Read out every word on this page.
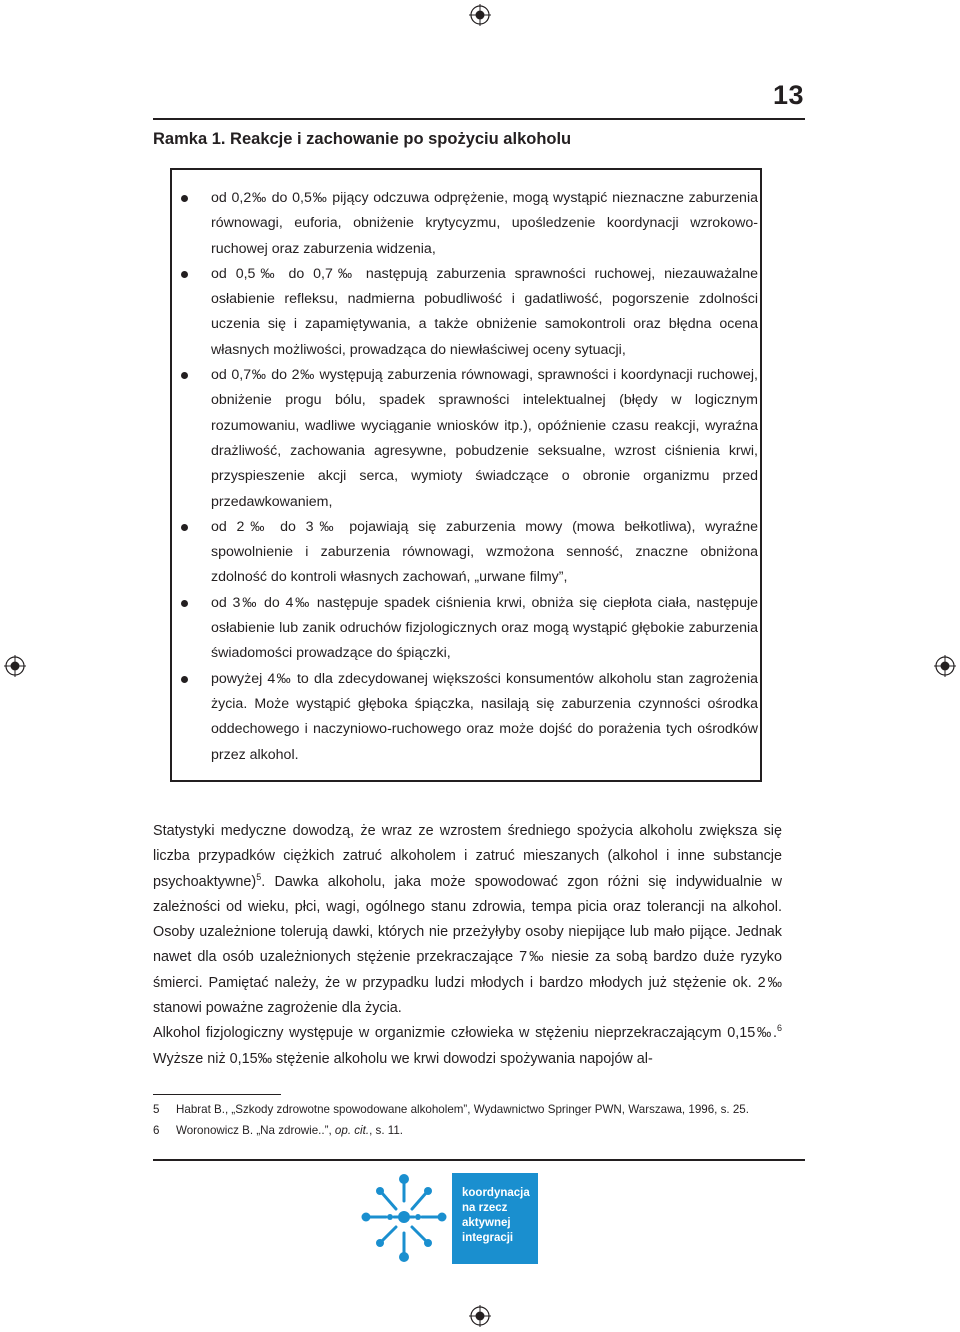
13
Ramka 1. Reakcje i zachowanie po spożyciu alkoholu
od 0,2‰ do 0,5‰ pijący odczuwa odprężenie, mogą wystąpić nieznaczne zaburzenia równowagi, euforia, obniżenie krytycyzmu, upośledzenie koordynacji wzrokowo-ruchowej oraz zaburzenia widzenia,
od 0,5‰ do 0,7‰ następują zaburzenia sprawności ruchowej, niezauważalne osłabienie refleksu, nadmierna pobudliwość i gadatliwość, pogorszenie zdolności uczenia się i zapamiętywania, a także obniżenie samokontroli oraz błędna ocena własnych możliwości, prowadząca do niewłaściwej oceny sytuacji,
od 0,7‰ do 2‰ występują zaburzenia równowagi, sprawności i koordynacji ruchowej, obniżenie progu bólu, spadek sprawności intelektualnej (błędy w logicznym rozumowaniu, wadliwe wyciąganie wniosków itp.), opóźnienie czasu reakcji, wyraźna drażliwość, zachowania agresywne, pobudzenie seksualne, wzrost ciśnienia krwi, przyspieszenie akcji serca, wymioty świadczące o obronie organizmu przed przedawkowaniem,
od 2‰ do 3‰ pojawiają się zaburzenia mowy (mowa bełkotliwa), wyraźne spowolnienie i zaburzenia równowagi, wzmożona senność, znaczne obniżona zdolność do kontroli własnych zachowań, „urwane filmy”,
od 3‰ do 4‰ następuje spadek ciśnienia krwi, obniża się ciepłota ciała, następuje osłabienie lub zanik odruchów fizjologicznych oraz mogą wystąpić głębokie zaburzenia świadomości prowadzące do śpiączki,
powyżej 4‰ to dla zdecydowanej większości konsumentów alkoholu stan zagrożenia życia. Może wystąpić głęboka śpiączka, nasilają się zaburzenia czynności ośrodka oddechowego i naczyniowo-ruchowego oraz może dojść do porażenia tych ośrodków przez alkohol.

Statystyki medyczne dowodzą, że wraz ze wzrostem średniego spożycia alkoholu zwiększa się liczba przypadków ciężkich zatruć alkoholem i zatruć mieszanych (alkohol i inne substancje psychoaktywne)$^5$. Dawka alkoholu, jaka może spowodować zgon różni się indywidualnie w zależności od wieku, płci, wagi, ogólnego stanu zdrowia, tempa picia oraz tolerancji na alkohol. Osoby uzależnione tolerują dawki, których nie przeżyłyby osoby niepijące lub mało pijące. Jednak nawet dla osób uzależnionych stężenie przekraczające 7‰ niesie za sobą bardzo duże ryzyko śmierci. Pamiętać należy, że w przypadku ludzi młodych i bardzo młodych już stężenie ok. 2‰ stanowi poważne zagrożenie dla życia.

Alkohol fizjologiczny występuje w organizmie człowieka w stężeniu nieprzekraczającym 0,15‰.$^6$ Wyższe niż 0,15‰ stężenie alkoholu we krwi dowodzi spożywania napojów al-

5 Habrat B., „Szkody zdrowotne spowodowane alkoholem”, Wydawnictwo Springer PWN, Warszawa, 1996, s. 25.
6 Woronowicz B. „Na zdrowie..”, op. cit., s. 11.
koordynacja
na rzecz
aktywnej
integracji
